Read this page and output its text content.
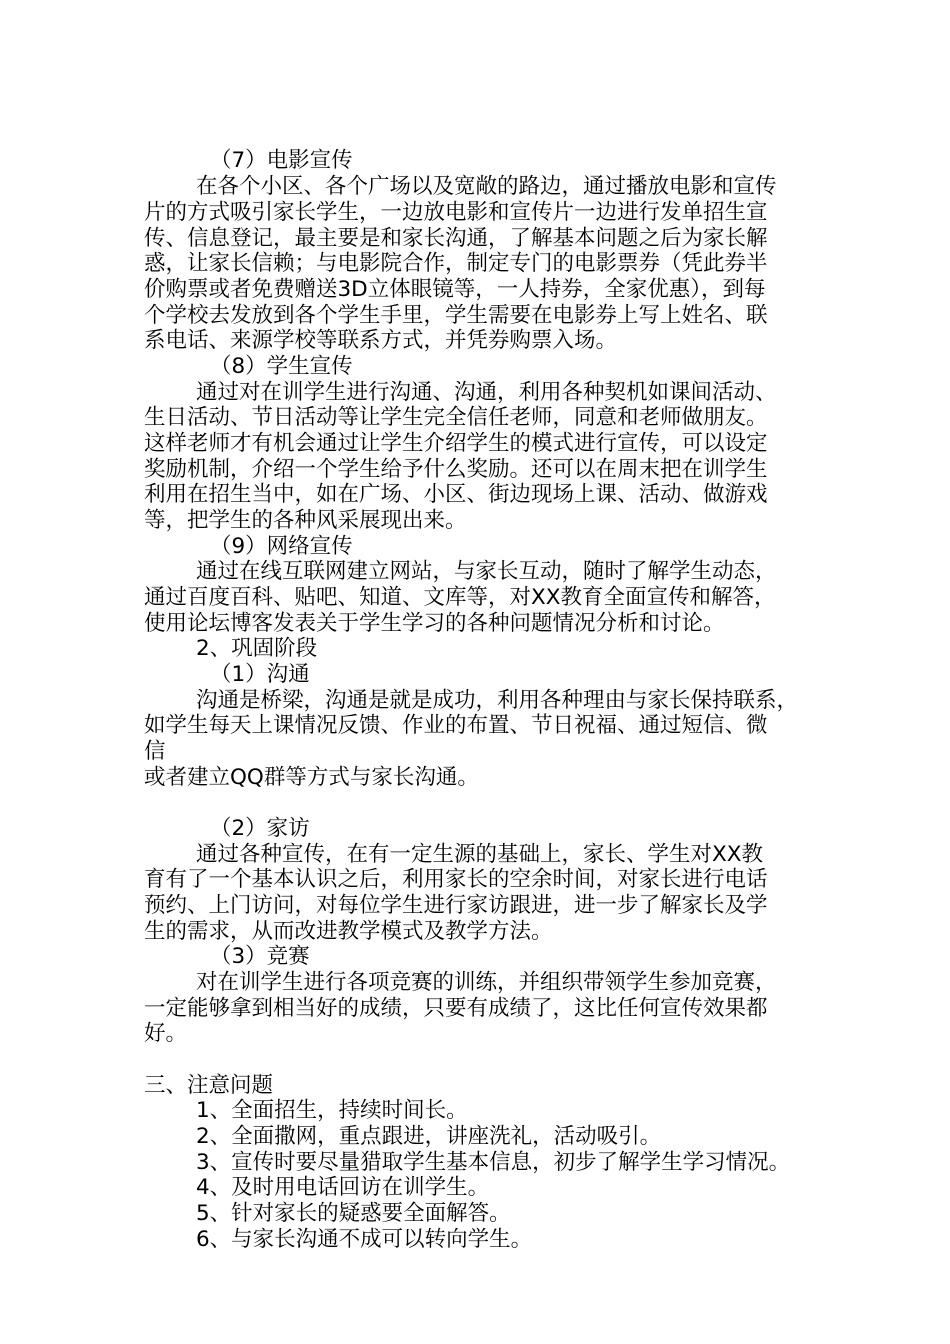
（7）电影宣传
在各个小区、各个广场以及宽敞的路边，通过播放电影和宣传
片的方式吸引家长学生，一边放电影和宣传片一边进行发单招生宣
传、信息登记，最主要是和家长沟通，了解基本问题之后为家长解
惑，让家长信赖；与电影院合作，制定专门的电影票券（凭此券半
价购票或者免费赠送3D立体眼镜等，一人持券，全家优惠），到每
个学校去发放到各个学生手里，学生需要在电影券上写上姓名、联
系电话、来源学校等联系方式，并凭券购票入场。
（8）学生宣传
通过对在训学生进行沟通、沟通，利用各种契机如课间活动、
生日活动、节日活动等让学生完全信任老师，同意和老师做朋友。
这样老师才有机会通过让学生介绍学生的模式进行宣传，可以设定
奖励机制，介绍一个学生给予什么奖励。还可以在周末把在训学生
利用在招生当中，如在广场、小区、街边现场上课、活动、做游戏
等，把学生的各种风采展现出来。
（9）网络宣传
通过在线互联网建立网站，与家长互动，随时了解学生动态，
通过百度百科、贴吧、知道、文库等，对XX教育全面宣传和解答，
使用论坛博客发表关于学生学习的各种问题情况分析和讨论。
2、巩固阶段
（1）沟通
沟通是桥梁，沟通是就是成功，利用各种理由与家长保持联系，
如学生每天上课情况反馈、作业的布置、节日祝福、通过短信、微
信
或者建立QQ群等方式与家长沟通。
（2）家访
通过各种宣传，在有一定生源的基础上，家长、学生对XX教
育有了一个基本认识之后，利用家长的空余时间，对家长进行电话
预约、上门访问，对每位学生进行家访跟进，进一步了解家长及学
生的需求，从而改进教学模式及教学方法。
（3）竞赛
对在训学生进行各项竞赛的训练，并组织带领学生参加竞赛，
一定能够拿到相当好的成绩，只要有成绩了，这比任何宣传效果都
好。
三、注意问题
1、全面招生，持续时间长。
2、全面撒网，重点跟进，讲座洗礼，活动吸引。
3、宣传时要尽量猎取学生基本信息，初步了解学生学习情况。
4、及时用电话回访在训学生。
5、针对家长的疑惑要全面解答。
6、与家长沟通不成可以转向学生。
